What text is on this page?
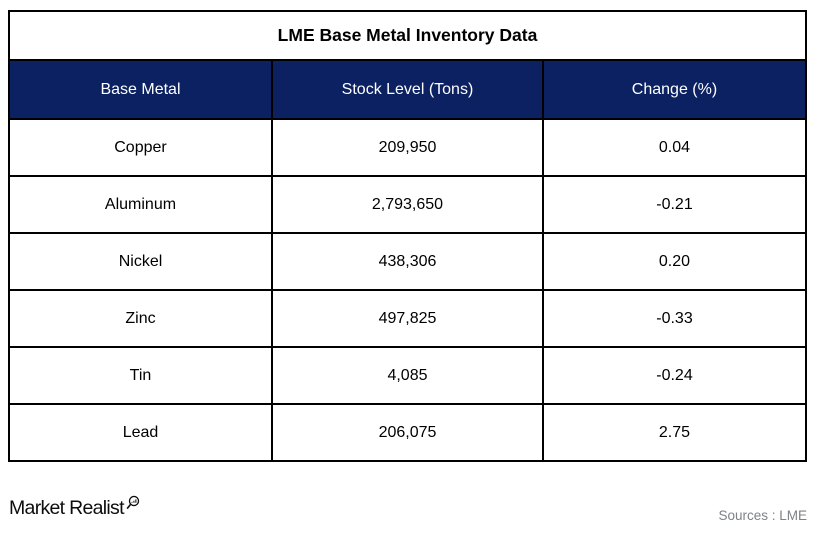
LME Base Metal Inventory Data		
Base Metal	Stock Level (Tons)	Change (%)
Copper	209,950	0.04
Aluminum	2,793,650	-0.21
Nickel	438,306	0.20
Zinc	497,825	-0.33
Tin	4,085	-0.24
Lead	206,075	2.75
Market Realist	Sources : LME
